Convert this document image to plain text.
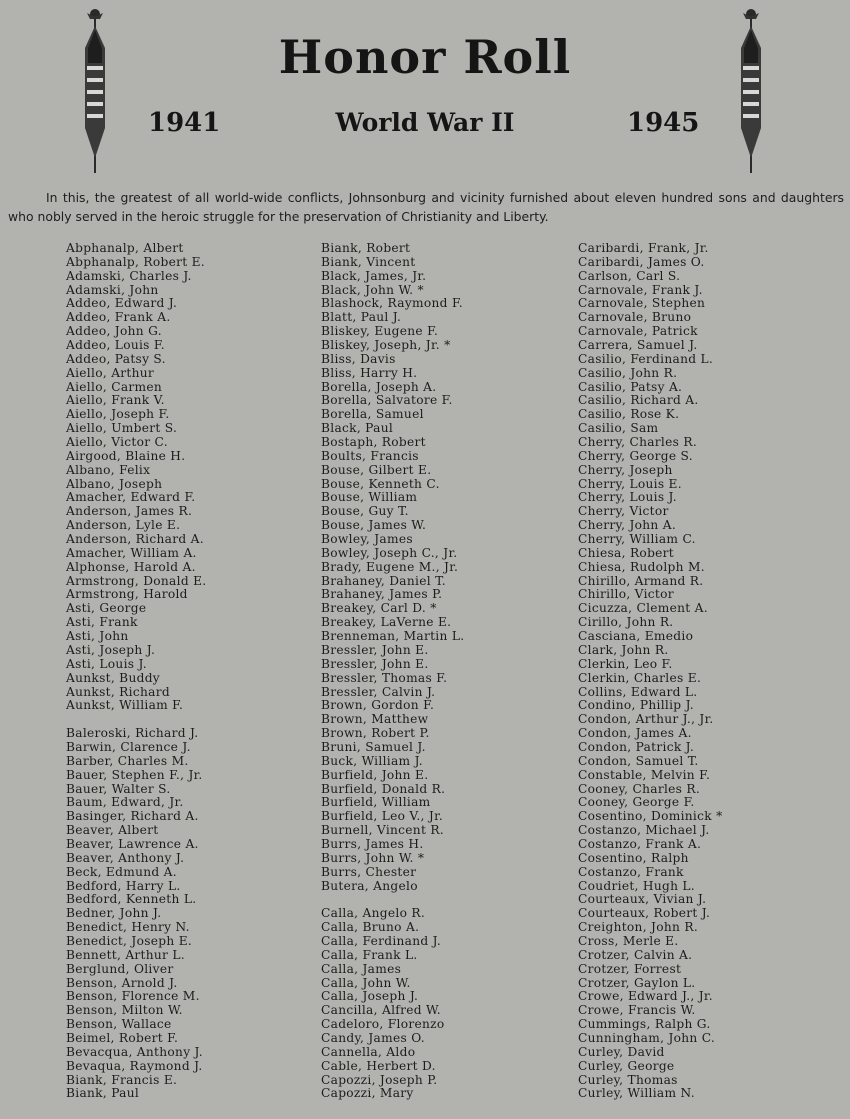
Honor Roll
1941	World War II	1945

In this, the greatest of all world-wide conflicts, Johnsonburg and vicinity furnished about eleven hundred sons and daughters who nobly served in the heroic struggle for the preservation of Christianity and Liberty.

Abphanalp, Albert
Abphanalp, Robert E.
Adamski, Charles J.
Adamski, John
Addeo, Edward J.
Addeo, Frank A.
Addeo, John G.
Addeo, Louis F.
Addeo, Patsy S.
Aiello, Arthur
Aiello, Carmen
Aiello, Frank V.
Aiello, Joseph F.
Aiello, Umbert S.
Aiello, Victor C.
Airgood, Blaine H.
Albano, Felix
Albano, Joseph
Amacher, Edward F.
Anderson, James R.
Anderson, Lyle E.
Anderson, Richard A.
Amacher, William A.
Alphonse, Harold A.
Armstrong, Donald E.
Armstrong, Harold
Asti, George
Asti, Frank
Asti, John
Asti, Joseph J.
Asti, Louis J.
Aunkst, Buddy
Aunkst, Richard
Aunkst, William F.
Baleroski, Richard J.
Barwin, Clarence J.
Barber, Charles M.
Bauer, Stephen F., Jr.
Bauer, Walter S.
Baum, Edward, Jr.
Basinger, Richard A.
Beaver, Albert
Beaver, Lawrence A.
Beaver, Anthony J.
Beck, Edmund A.
Bedford, Harry L.
Bedford, Kenneth L.
Bedner, John J.
Benedict, Henry N.
Benedict, Joseph E.
Bennett, Arthur L.
Berglund, Oliver
Benson, Arnold J.
Benson, Florence M.
Benson, Milton W.
Benson, Wallace
Beimel, Robert F.
Bevacqua, Anthony J.
Bevaqua, Raymond J.
Biank, Francis E.
Biank, Paul
Biank, Robert
Biank, Vincent
Black, James, Jr.
Black, John W. *
Blashock, Raymond F.
Blatt, Paul J.
Bliskey, Eugene F.
Bliskey, Joseph, Jr. *
Bliss, Davis
Bliss, Harry H.
Borella, Joseph A.
Borella, Salvatore F.
Borella, Samuel
Black, Paul
Bostaph, Robert
Boults, Francis
Bouse, Gilbert E.
Bouse, Kenneth C.
Bouse, William
Bouse, Guy T.
Bouse, James W.
Bowley, James
Bowley, Joseph C., Jr.
Brady, Eugene M., Jr.
Brahaney, Daniel T.
Brahaney, James P.
Breakey, Carl D. *
Breakey, LaVerne E.
Brenneman, Martin L.
Bressler, John E.
Bressler, John E.
Bressler, Thomas F.
Bressler, Calvin J.
Brown, Gordon F.
Brown, Matthew
Brown, Robert P.
Bruni, Samuel J.
Buck, William J.
Burfield, John E.
Burfield, Donald R.
Burfield, William
Burfield, Leo V., Jr.
Burnell, Vincent R.
Burrs, James H.
Burrs, John W. *
Burrs, Chester
Butera, Angelo
Calla, Angelo R.
Calla, Bruno A.
Calla, Ferdinand J.
Calla, Frank L.
Calla, James
Calla, John W.
Calla, Joseph J.
Cancilla, Alfred W.
Cadeloro, Florenzo
Candy, James O.
Cannella, Aldo
Cable, Herbert D.
Capozzi, Joseph P.
Capozzi, Mary
Caribardi, Frank, Jr.
Caribardi, James O.
Carlson, Carl S.
Carnovale, Frank J.
Carnovale, Stephen
Carnovale, Bruno
Carnovale, Patrick
Carrera, Samuel J.
Casilio, Ferdinand L.
Casilio, John R.
Casilio, Patsy A.
Casilio, Richard A.
Casilio, Rose K.
Casilio, Sam
Cherry, Charles R.
Cherry, George S.
Cherry, Joseph
Cherry, Louis E.
Cherry, Louis J.
Cherry, Victor
Cherry, John A.
Cherry, William C.
Chiesa, Robert
Chiesa, Rudolph M.
Chirillo, Armand R.
Chirillo, Victor
Cicuzza, Clement A.
Cirillo, John R.
Casciana, Emedio
Clark, John R.
Clerkin, Leo F.
Clerkin, Charles E.
Collins, Edward L.
Condino, Phillip J.
Condon, Arthur J., Jr.
Condon, James A.
Condon, Patrick J.
Condon, Samuel T.
Constable, Melvin F.
Cooney, Charles R.
Cooney, George F.
Cosentino, Dominick *
Costanzo, Michael J.
Costanzo, Frank A.
Cosentino, Ralph
Costanzo, Frank
Coudriet, Hugh L.
Courteaux, Vivian J.
Courteaux, Robert J.
Creighton, John R.
Cross, Merle E.
Crotzer, Calvin A.
Crotzer, Forrest
Crotzer, Gaylon L.
Crowe, Edward J., Jr.
Crowe, Francis W.
Cummings, Ralph G.
Cunningham, John C.
Curley, David
Curley, George
Curley, Thomas
Curley, William N.
